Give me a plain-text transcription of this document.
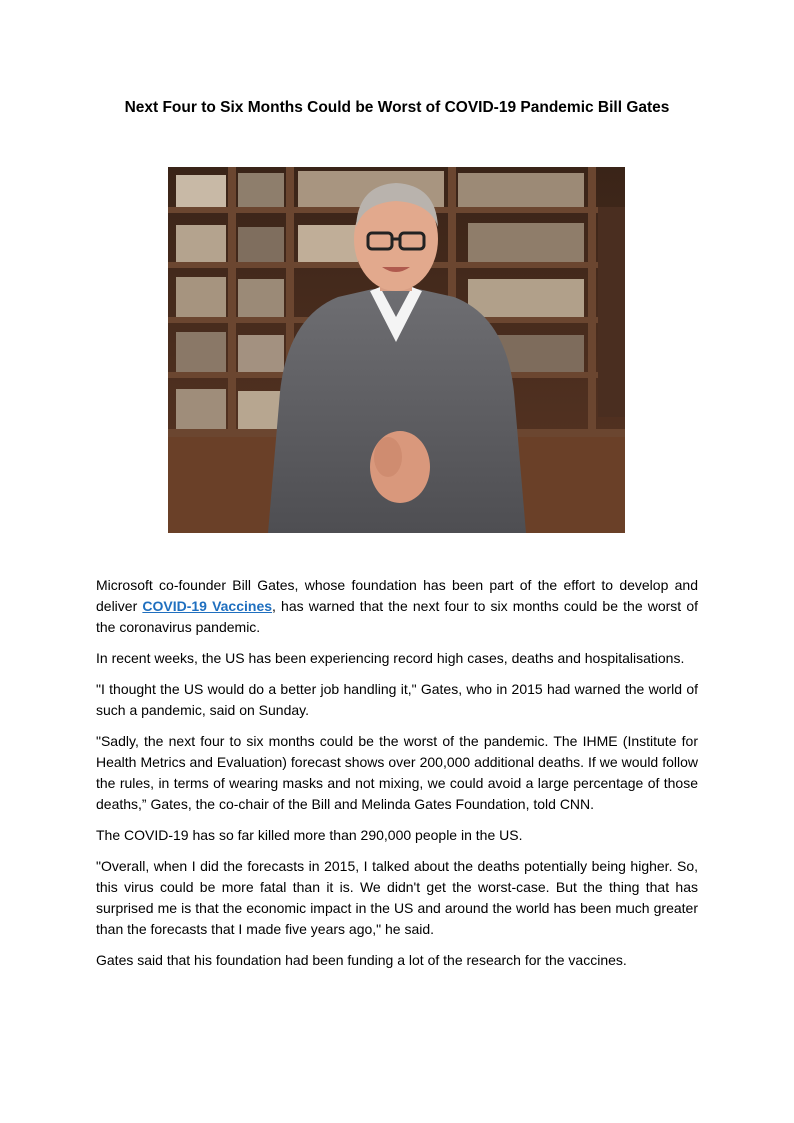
Next Four to Six Months Could be Worst of COVID-19 Pandemic Bill Gates

Microsoft co-founder Bill Gates, whose foundation has been part of the effort to develop and deliver COVID-19 Vaccines, has warned that the next four to six months could be the worst of the coronavirus pandemic.

In recent weeks, the US has been experiencing record high cases, deaths and hospitalisations.

"I thought the US would do a better job handling it," Gates, who in 2015 had warned the world of such a pandemic, said on Sunday.

"Sadly, the next four to six months could be the worst of the pandemic. The IHME (Institute for Health Metrics and Evaluation) forecast shows over 200,000 additional deaths. If we would follow the rules, in terms of wearing masks and not mixing, we could avoid a large percentage of those deaths,” Gates, the co-chair of the Bill and Melinda Gates Foundation, told CNN.

The COVID-19 has so far killed more than 290,000 people in the US.

"Overall, when I did the forecasts in 2015, I talked about the deaths potentially being higher. So, this virus could be more fatal than it is. We didn't get the worst-case. But the thing that has surprised me is that the economic impact in the US and around the world has been much greater than the forecasts that I made five years ago," he said.

Gates said that his foundation had been funding a lot of the research for the vaccines.
